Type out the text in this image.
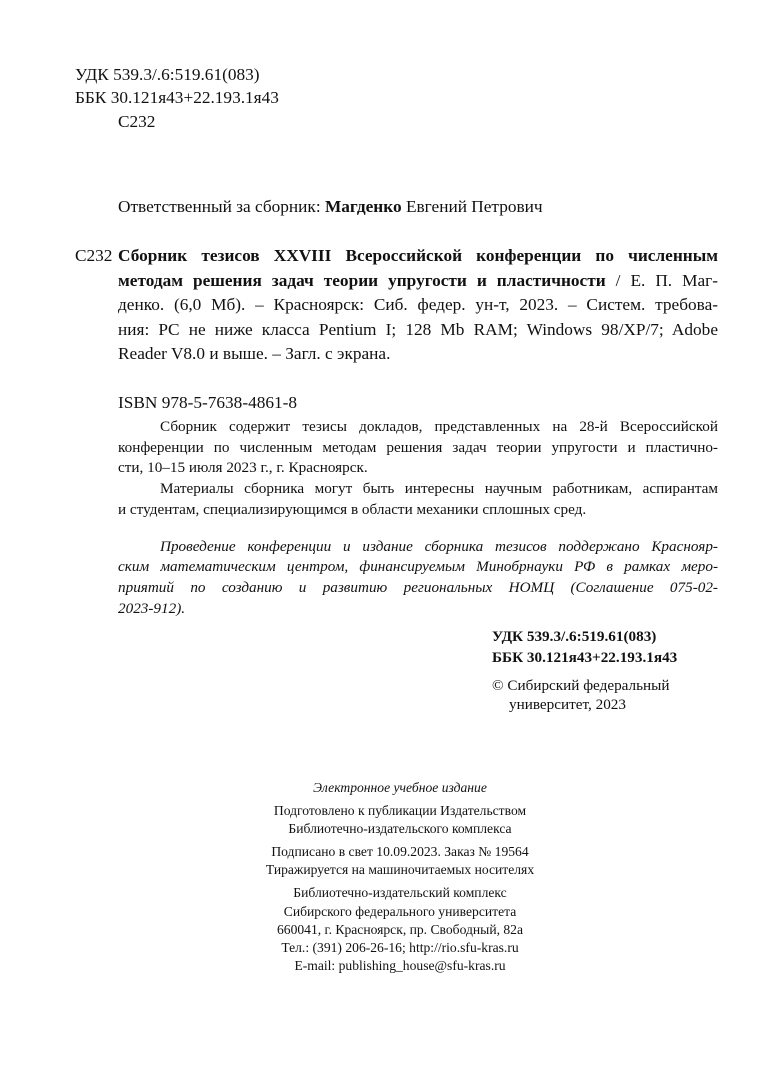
УДК 539.3/.6:519.61(083)
ББК 30.121я43+22.193.1я43
С232
Ответственный за сборник: Магденко Евгений Петрович
С232 Сборник тезисов XXVIII Всероссийской конференции по численным
методам решения задач теории упругости и пластичности / Е. П. Маг-
денко. (6,0 Мб). – Красноярск: Сиб. федер. ун-т, 2023. – Систем. требова-
ния: PC не ниже класса Pentium I; 128 Mb RAM; Windows 98/XP/7; Adobe
Reader V8.0 и выше. – Загл. с экрана.
ISBN 978-5-7638-4861-8
Сборник содержит тезисы докладов, представленных на 28-й Всероссийской
конференции по численным методам решения задач теории упругости и пластично-
сти, 10–15 июля 2023 г., г. Красноярск.
Материалы сборника могут быть интересны научным работникам, аспирантам
и студентам, специализирующимся в области механики сплошных сред.
Проведение конференции и издание сборника тезисов поддержано Краснояр-
ским математическим центром, финансируемым Минобрнауки РФ в рамках меро-
приятий по созданию и развитию региональных НОМЦ (Соглашение 075-02-
2023-912).
УДК 539.3/.6:519.61(083)
ББК 30.121я43+22.193.1я43
© Сибирский федеральный
университет, 2023
Электронное учебное издание
Подготовлено к публикации Издательством
Библиотечно-издательского комплекса
Подписано в свет 10.09.2023. Заказ № 19564
Тиражируется на машиночитаемых носителях
Библиотечно-издательский комплекс
Сибирского федерального университета
660041, г. Красноярск, пр. Свободный, 82а
Тел.: (391) 206-26-16; http://rio.sfu-kras.ru
E-mail: publishing_house@sfu-kras.ru
